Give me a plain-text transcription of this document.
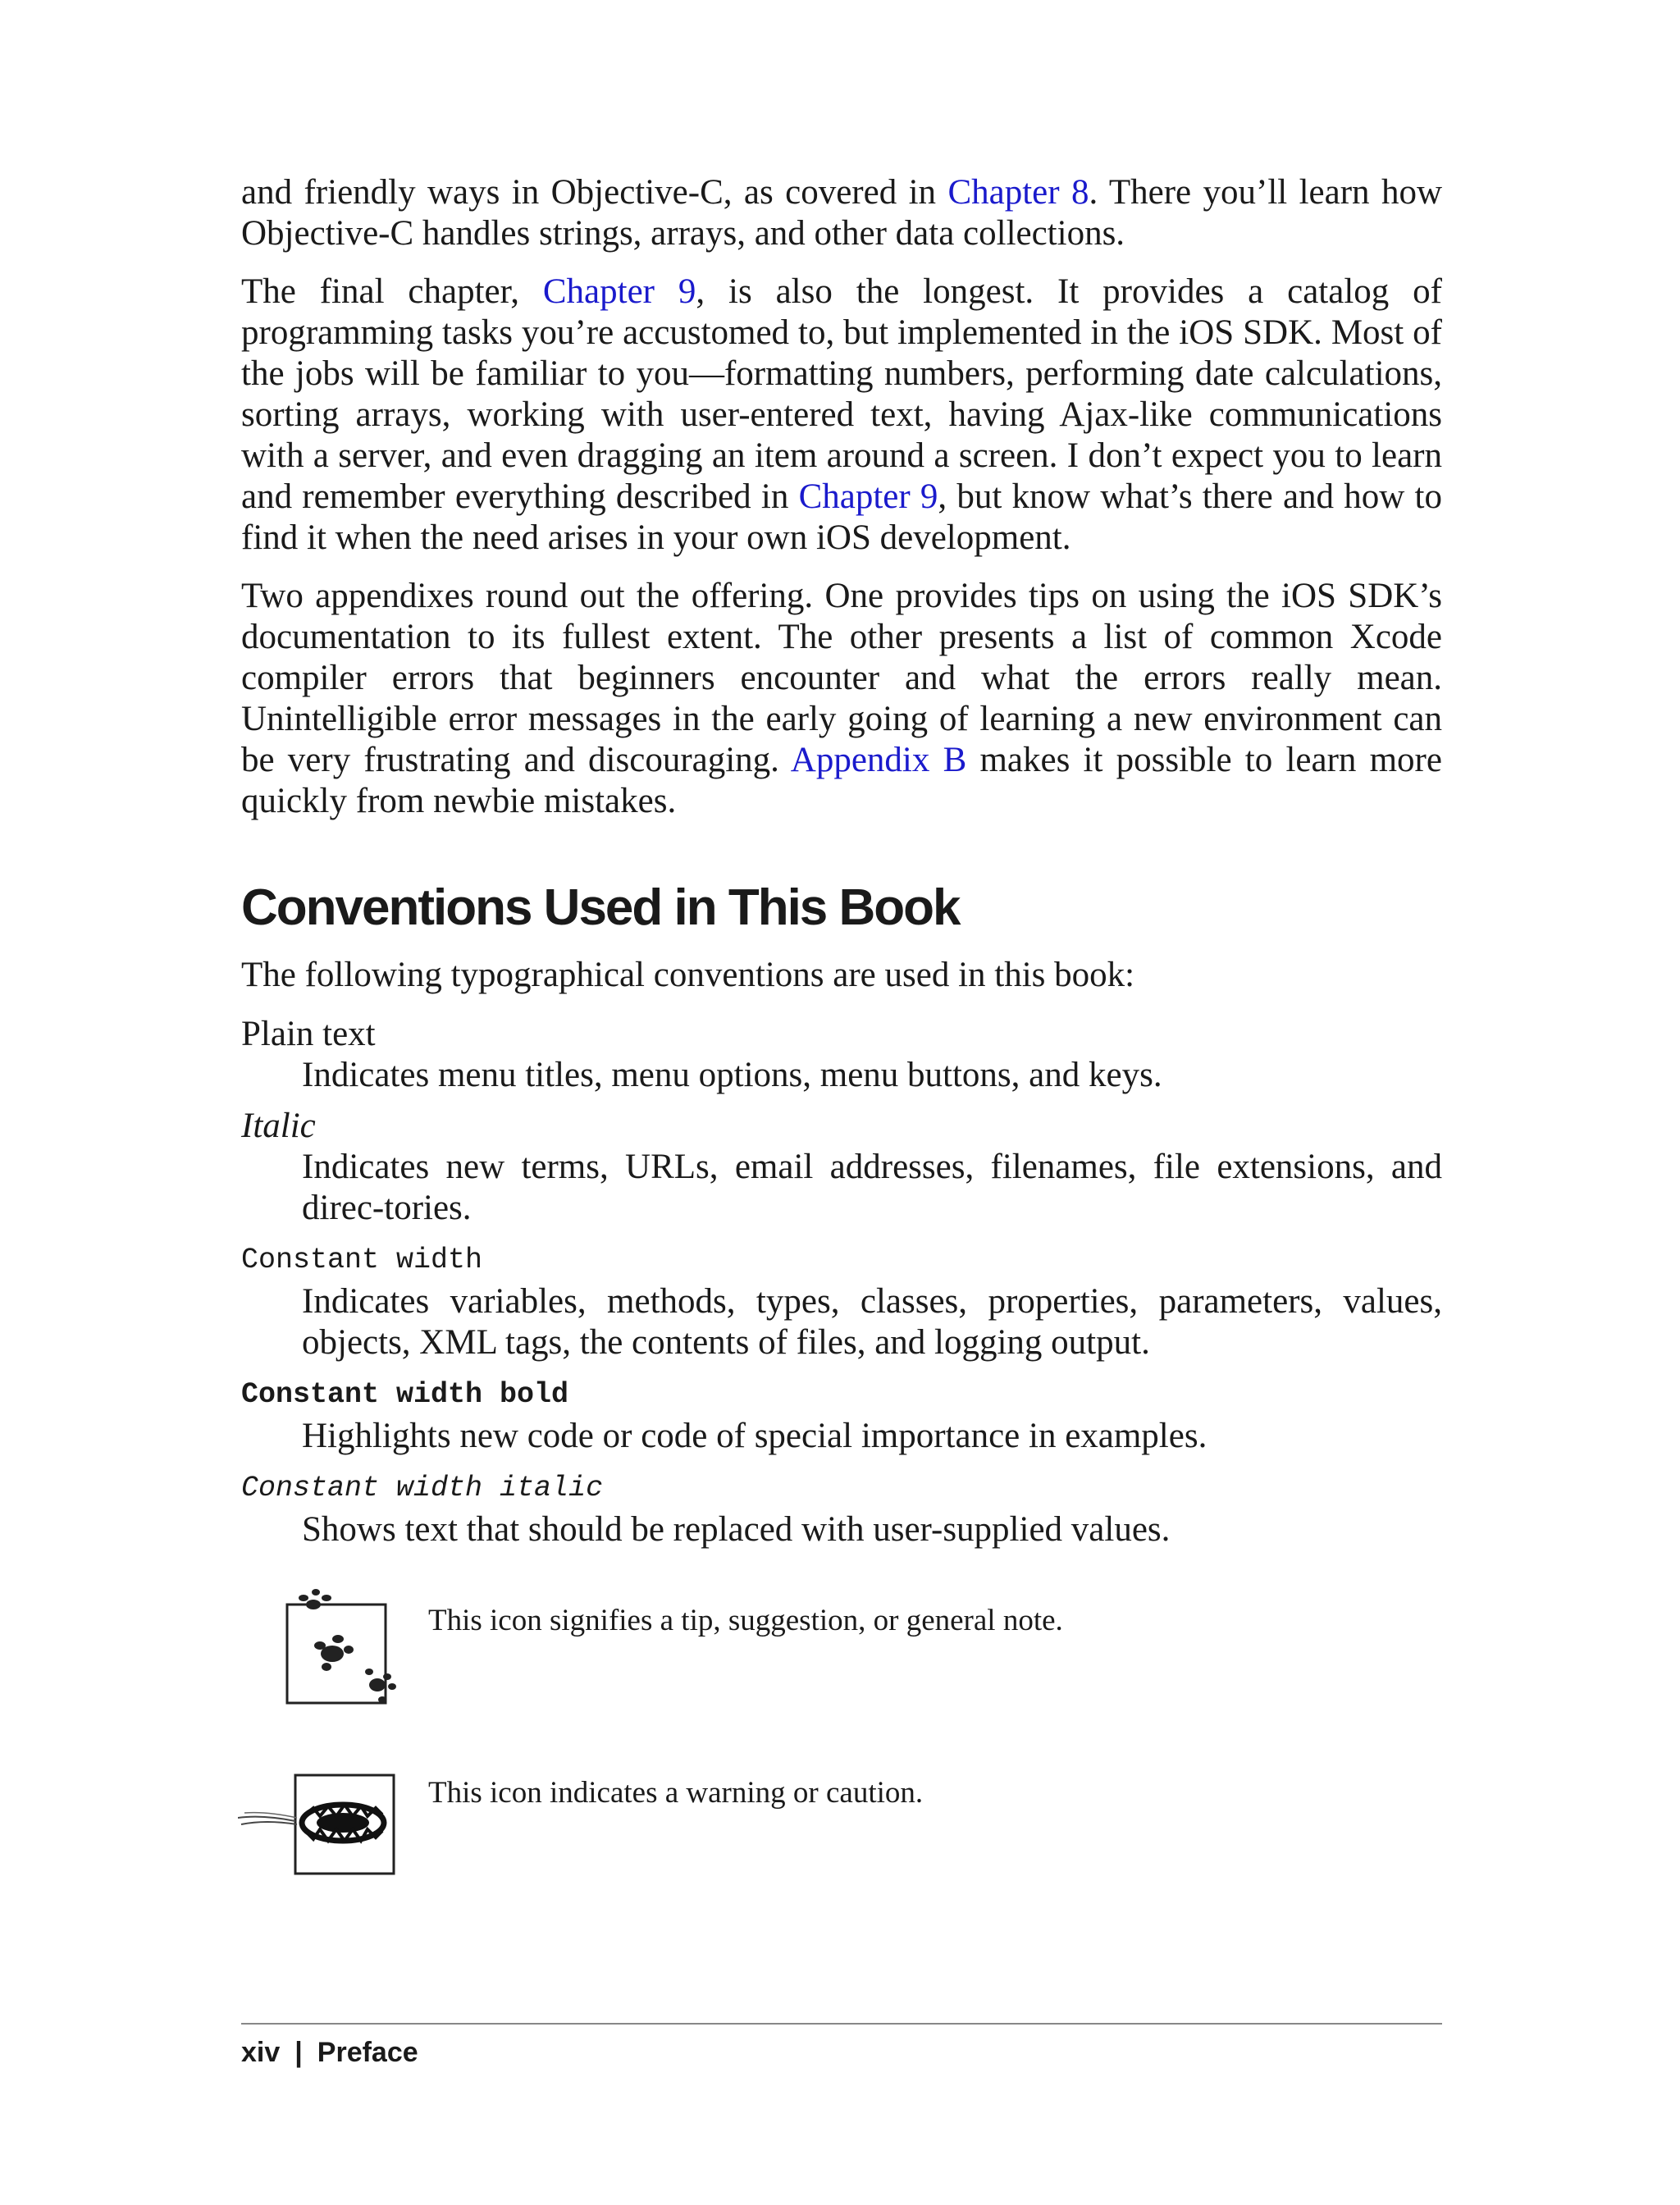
and friendly ways in Objective-C, as covered in Chapter 8. There you’ll learn how Objective-C handles strings, arrays, and other data collections.

The final chapter, Chapter 9, is also the longest. It provides a catalog of programming tasks you’re accustomed to, but implemented in the iOS SDK. Most of the jobs will be familiar to you—formatting numbers, performing date calculations, sorting arrays, working with user-entered text, having Ajax-like communications with a server, and even dragging an item around a screen. I don’t expect you to learn and remember everything described in Chapter 9, but know what’s there and how to find it when the need arises in your own iOS development.

Two appendixes round out the offering. One provides tips on using the iOS SDK’s documentation to its fullest extent. The other presents a list of common Xcode compiler errors that beginners encounter and what the errors really mean. Unintelligible error messages in the early going of learning a new environment can be very frustrating and discouraging. Appendix B makes it possible to learn more quickly from newbie mistakes.

Conventions Used in This Book

The following typographical conventions are used in this book:

Plain text

Indicates menu titles, menu options, menu buttons, and keys.

Italic

Indicates new terms, URLs, email addresses, filenames, file extensions, and direc-tories.

Constant width

Indicates variables, methods, types, classes, properties, parameters, values, objects, XML tags, the contents of files, and logging output.

Constant width bold

Highlights new code or code of special importance in examples.

Constant width italic

Shows text that should be replaced with user-supplied values.

This icon signifies a tip, suggestion, or general note.

This icon indicates a warning or caution.

xiv | Preface
